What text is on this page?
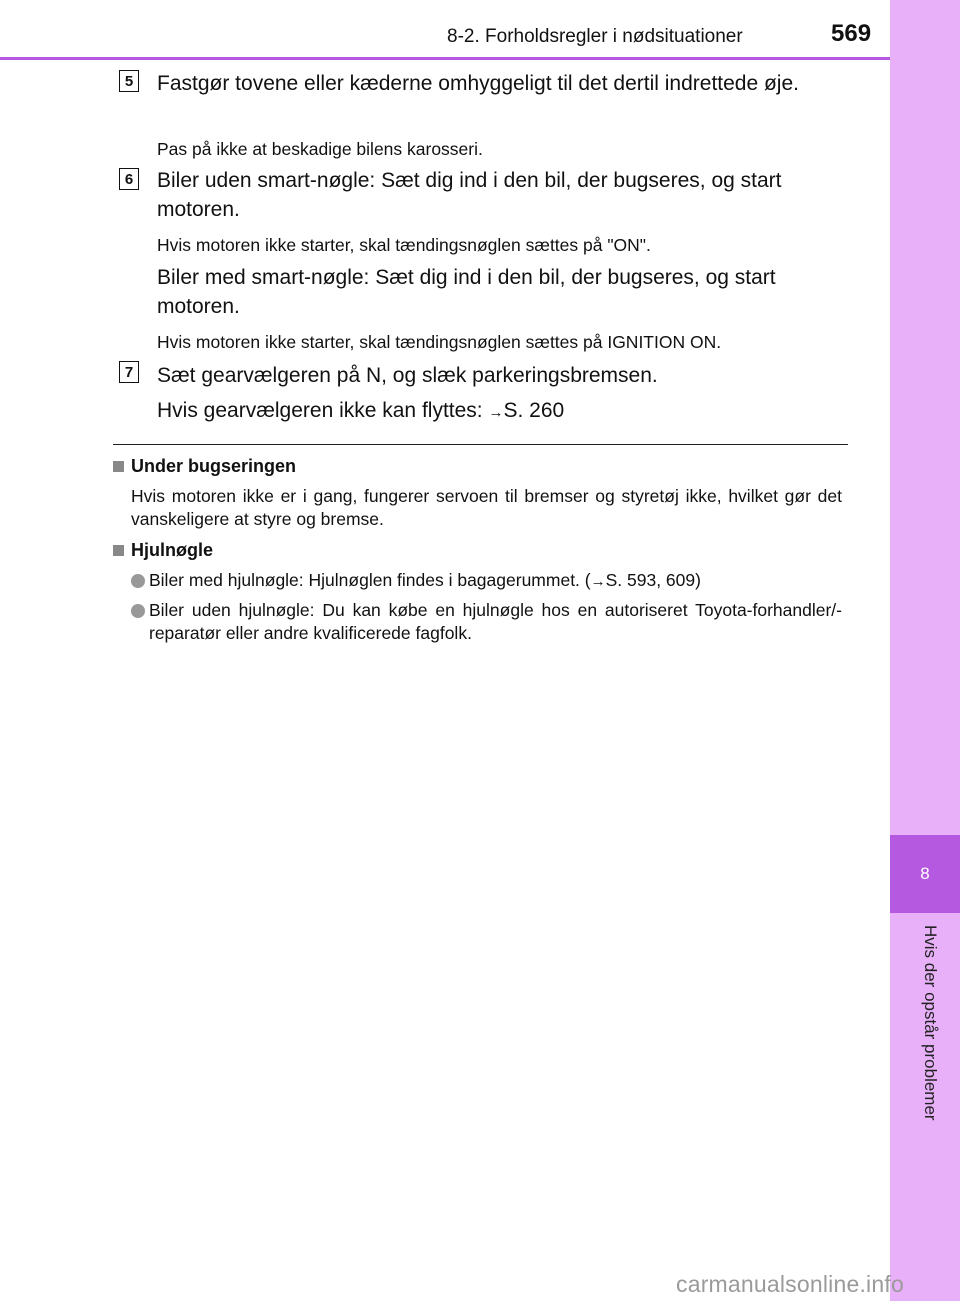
8-2. Forholdsregler i nødsituationer	569
8
Hvis der opstår problemer
5 Fastgør tovene eller kæderne omhyggeligt til det dertil indrettede øje.
Pas på ikke at beskadige bilens karosseri.
6 Biler uden smart-nøgle: Sæt dig ind i den bil, der bugseres, og start motoren.
Hvis motoren ikke starter, skal tændingsnøglen sættes på "ON".
Biler med smart-nøgle: Sæt dig ind i den bil, der bugseres, og start motoren.
Hvis motoren ikke starter, skal tændingsnøglen sættes på IGNITION ON.
7 Sæt gearvælgeren på N, og slæk parkeringsbremsen.
Hvis gearvælgeren ikke kan flyttes: →S. 260
Under bugseringen
Hvis motoren ikke er i gang, fungerer servoen til bremser og styretøj ikke, hvilket gør det vanskeligere at styre og bremse.
Hjulnøgle
Biler med hjulnøgle: Hjulnøglen findes i bagagerummet. (→S. 593, 609)
Biler uden hjulnøgle: Du kan købe en hjulnøgle hos en autoriseret Toyota-forhandler/-reparatør eller andre kvalificerede fagfolk.
carmanualsonline.info
